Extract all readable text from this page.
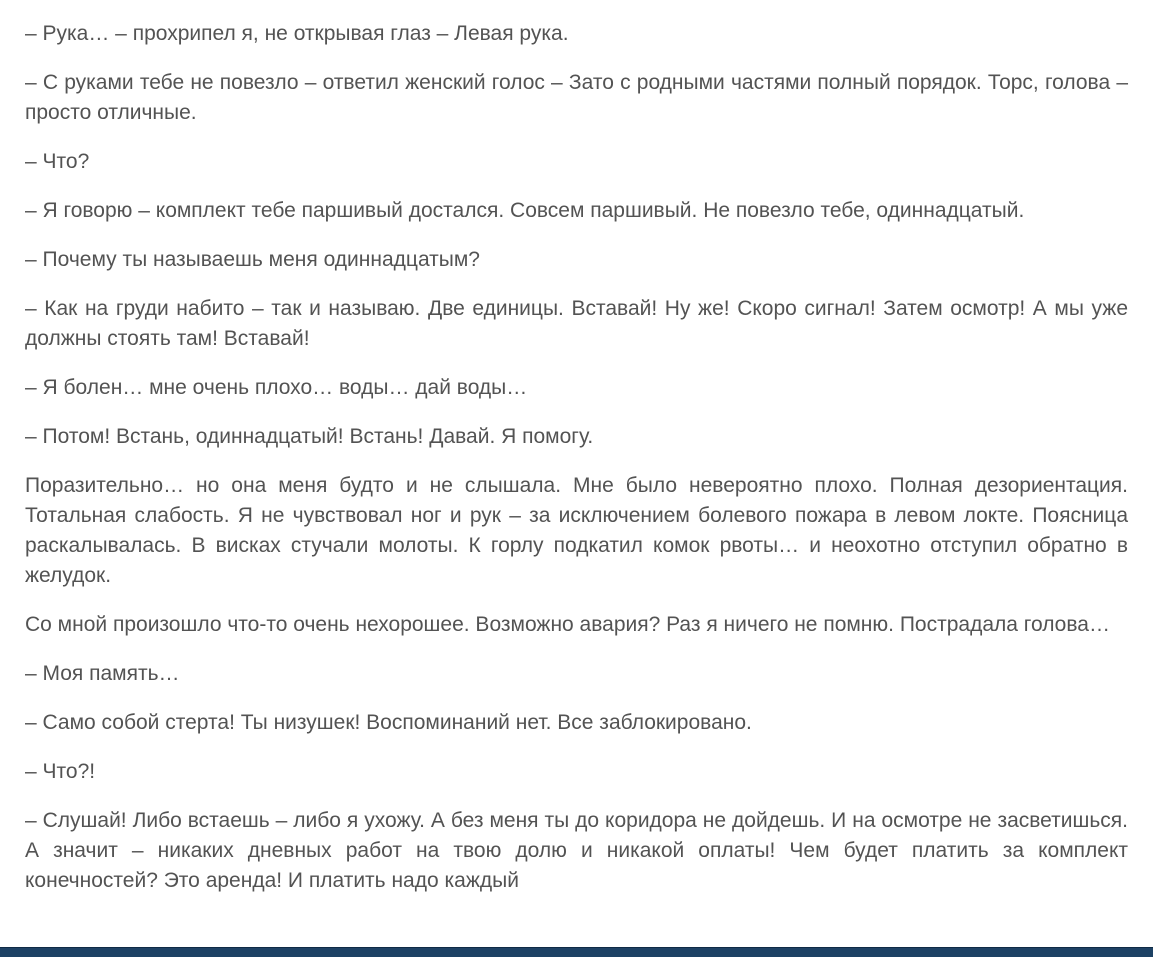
– Рука… – прохрипел я, не открывая глаз – Левая рука.

– С руками тебе не повезло – ответил женский голос – Зато с родными частями полный порядок. Торс, голова – просто отличные.

– Что?

– Я говорю – комплект тебе паршивый достался. Совсем паршивый. Не повезло тебе, одиннадцатый.

– Почему ты называешь меня одиннадцатым?

– Как на груди набито – так и называю. Две единицы. Вставай! Ну же! Скоро сигнал! Затем осмотр! А мы уже должны стоять там! Вставай!

– Я болен… мне очень плохо… воды… дай воды…

– Потом! Встань, одиннадцатый! Встань! Давай. Я помогу.

Поразительно… но она меня будто и не слышала. Мне было невероятно плохо. Полная дезориентация. Тотальная слабость. Я не чувствовал ног и рук – за исключением болевого пожара в левом локте. Поясница раскалывалась. В висках стучали молоты. К горлу подкатил комок рвоты… и неохотно отступил обратно в желудок.

Со мной произошло что-то очень нехорошее. Возможно авария? Раз я ничего не помню. Пострадала голова…

– Моя память…

– Само собой стерта! Ты низушек! Воспоминаний нет. Все заблокировано.

– Что?!

– Слушай! Либо встаешь – либо я ухожу. А без меня ты до коридора не дойдешь. И на осмотре не засветишься. А значит – никаких дневных работ на твою долю и никакой оплаты! Чем будет платить за комплект конечностей? Это аренда! И платить надо каждый
